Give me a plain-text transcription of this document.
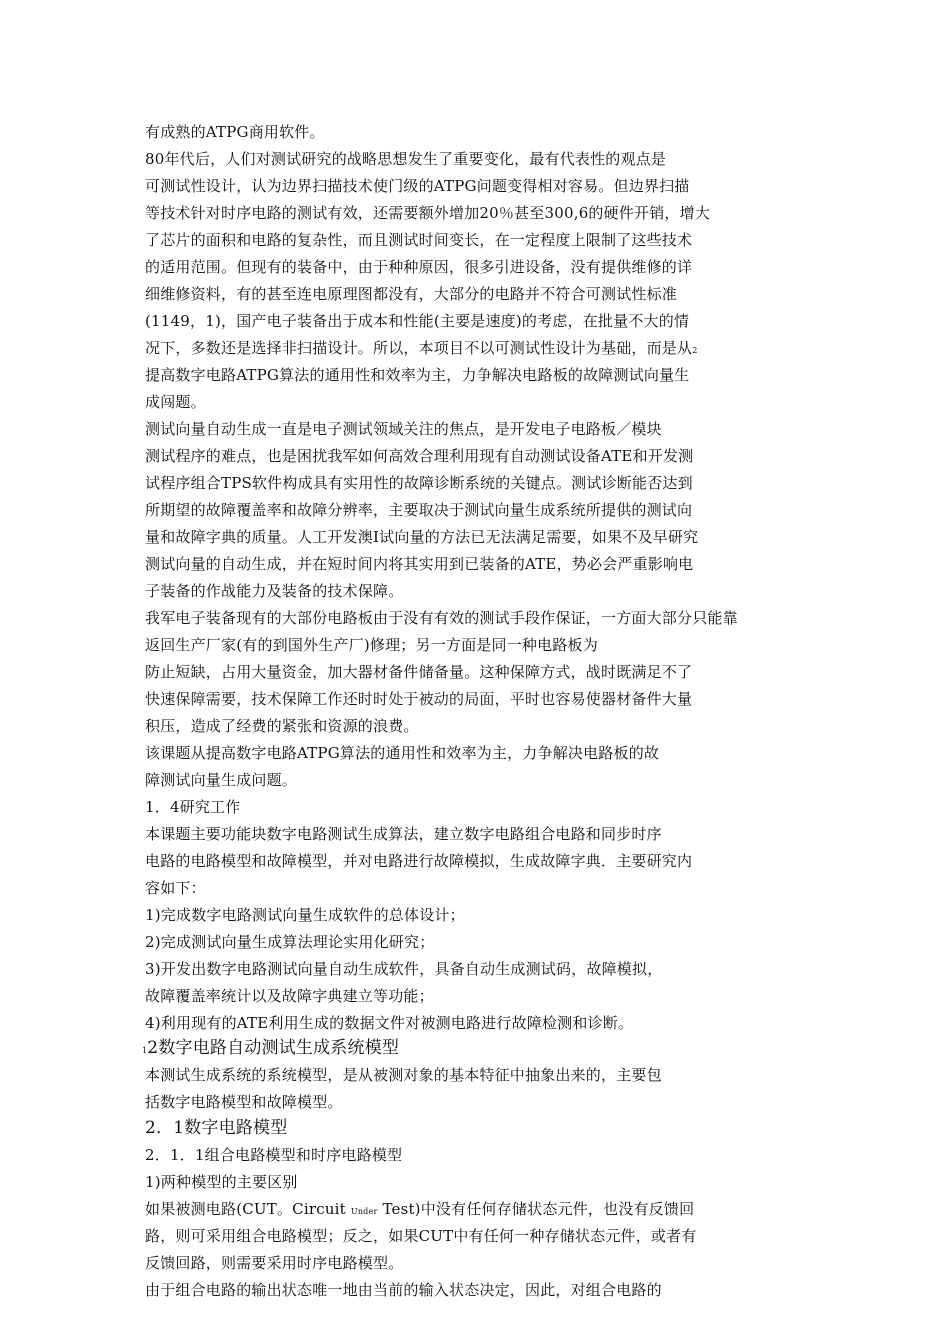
有成熟的ATPG商用软件。
80年代后，人们对测试研究的战略思想发生了重要变化，最有代表性的观点是
可测试性设计，认为边界扫描技术使门级的ATPG问题变得相对容易。但边界扫描
等技术针对时序电路的测试有效，还需要额外增加20％甚至300,6的硬件开销，增大
了芯片的面积和电路的复杂性，而且测试时间变长，在一定程度上限制了这些技术
的适用范围。但现有的装备中，由于种种原因，很多引进设备，没有提供维修的详
细维修资料，有的甚至连电原理图都没有，大部分的电路并不符合可测试性标准
(1149，1)，国产电子装备出于成本和性能(主要是速度)的考虑，在批量不大的情
况下，多数还是选择非扫描设计。所以，本项目不以可测试性设计为基础，而是从2
提高数字电路ATPG算法的通用性和效率为主，力争解决电路板的故障测试向量生
成闯题。
测试向量自动生成一直是电子测试领域关注的焦点，是开发电子电路板／模块
测试程序的难点，也是困扰我军如何高效合理利用现有自动测试设备ATE和开发测
试程序组合TPS软件构成具有实用性的故障诊断系统的关键点。测试诊断能否达到
所期望的故障覆盖率和故障分辨率，主要取决于测试向量生成系统所提供的测试向
量和故障字典的质量。人工开发澳I试向量的方法已无法满足需要，如果不及早研究
测试向量的自动生成，并在短时间内将其实用到已装备的ATE，势必会严重影响电
子装备的作战能力及装备的技术保障。
我军电子装备现有的大部份电路板由于没有有效的测试手段作保证，一方面大部分只能靠
返回生产厂家(有的到国外生产厂)修理；另一方面是同一种电路板为
防止短缺，占用大量资金，加大器材备件储备量。这种保障方式，战时既满足不了
快速保障需要，技术保障工作还时时处于被动的局面，平时也容易使器材备件大量
积压，造成了经费的紧张和资源的浪费。
该课题从提高数字电路ATPG算法的通用性和效率为主，力争解决电路板的故
障测试向量生成问题。
1．4研究工作
本课题主要功能块数字电路测试生成算法，建立数字电路组合电路和同步时序
电路的电路模型和故障模型，并对电路进行故障模拟，生成故障字典．主要研究内
容如下：
1)完成数字电路测试向量生成软件的总体设计；
2)完成测试向量生成算法理论实用化研究；
3)开发出数字电路测试向量自动生成软件，具备自动生成测试码，故障模拟，
故障覆盖率统计以及故障字典建立等功能；
4)利用现有的ATE利用生成的数据文件对被测电路进行故障检测和诊断。
12数字电路自动测试生成系统模型
本测试生成系统的系统模型，是从被测对象的基本特征中抽象出来的，主要包
括数字电路模型和故障模型。
2．1数字电路模型
2．1．1组合电路模型和时序电路模型
1)两种模型的主要区别
如果被测电路(CUT。Circuit Under Test)中没有任何存储状态元件，也没有反馈回
路，则可采用组合电路模型；反之，如果CUT中有任何一种存储状态元件，或者有
反馈回路，则需要采用时序电路模型。
由于组合电路的输出状态唯一地由当前的输入状态决定，因此，对组合电路的
